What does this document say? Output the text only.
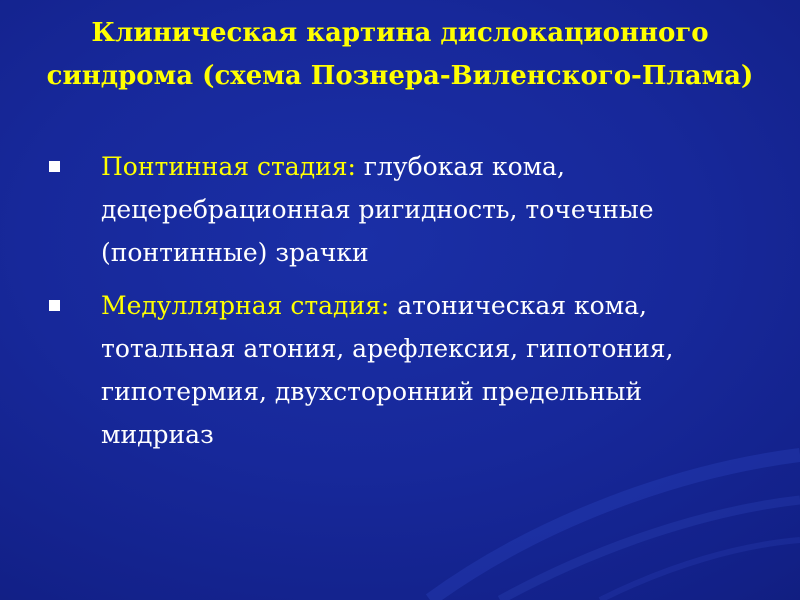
Клиническая картина дислокационного синдрома (схема Познера-Виленского-Плама)
Понтинная стадия: глубокая кома, децеребрационная ригидность, точечные (понтинные) зрачки
Медуллярная стадия: атоническая кома, тотальная атония, арефлексия, гипотония, гипотермия, двухсторонний предельный мидриаз
